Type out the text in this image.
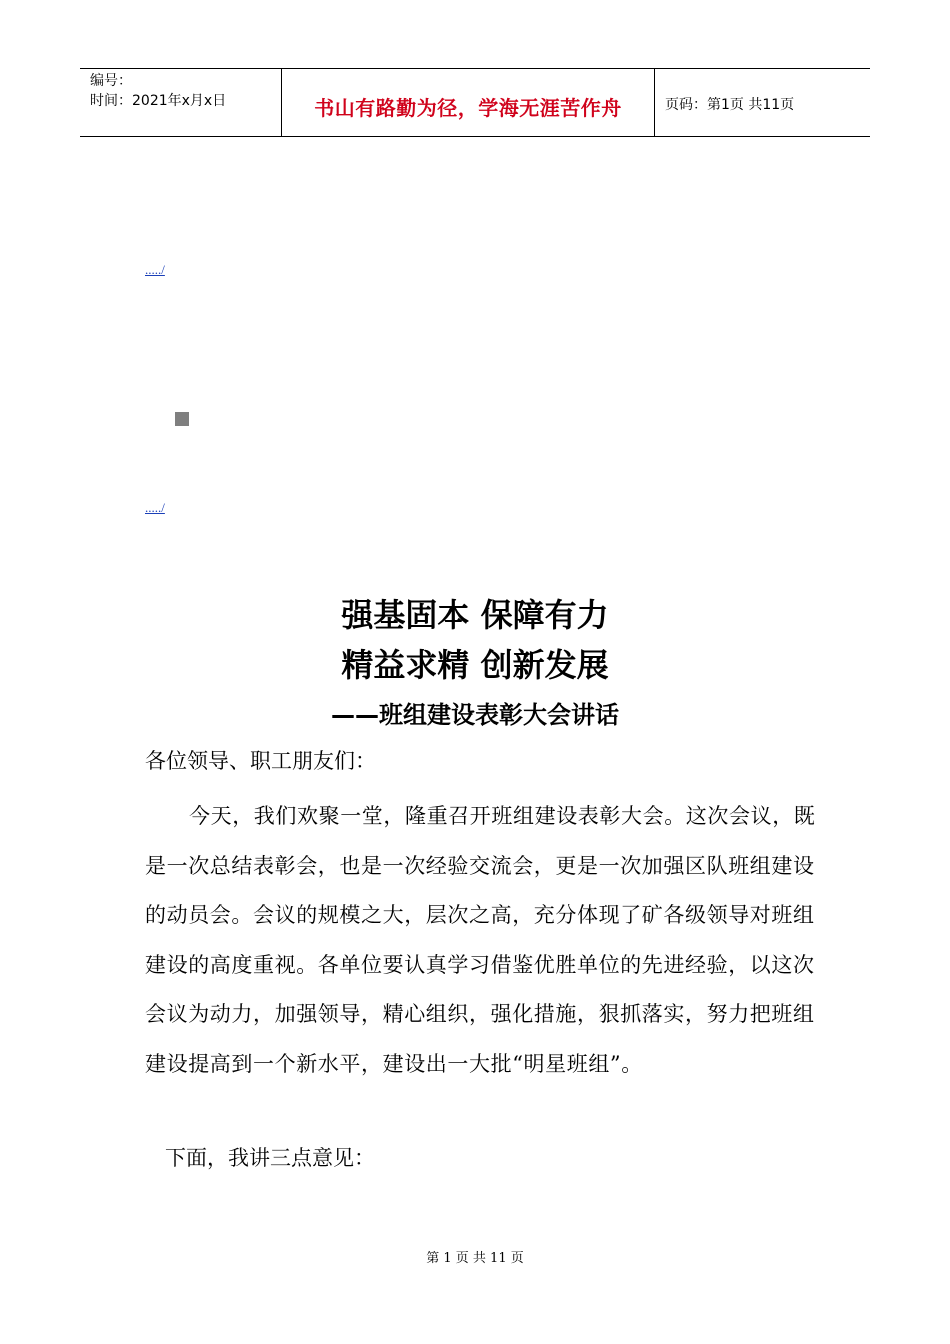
编号：
时间：2021年x月x日	书山有路勤为径，学海无涯苦作舟	页码：第1页 共11页
...../
...../
强基固本 保障有力
精益求精 创新发展
——班组建设表彰大会讲话
各位领导、职工朋友们：
今天，我们欢聚一堂，隆重召开班组建设表彰大会。这次会议，既是一次总结表彰会，也是一次经验交流会，更是一次加强区队班组建设的动员会。会议的规模之大，层次之高，充分体现了矿各级领导对班组建设的高度重视。各单位要认真学习借鉴优胜单位的先进经验，以这次会议为动力，加强领导，精心组织，强化措施，狠抓落实，努力把班组建设提高到一个新水平，建设出一大批“明星班组”。
下面，我讲三点意见：
第 1 页 共 11 页
